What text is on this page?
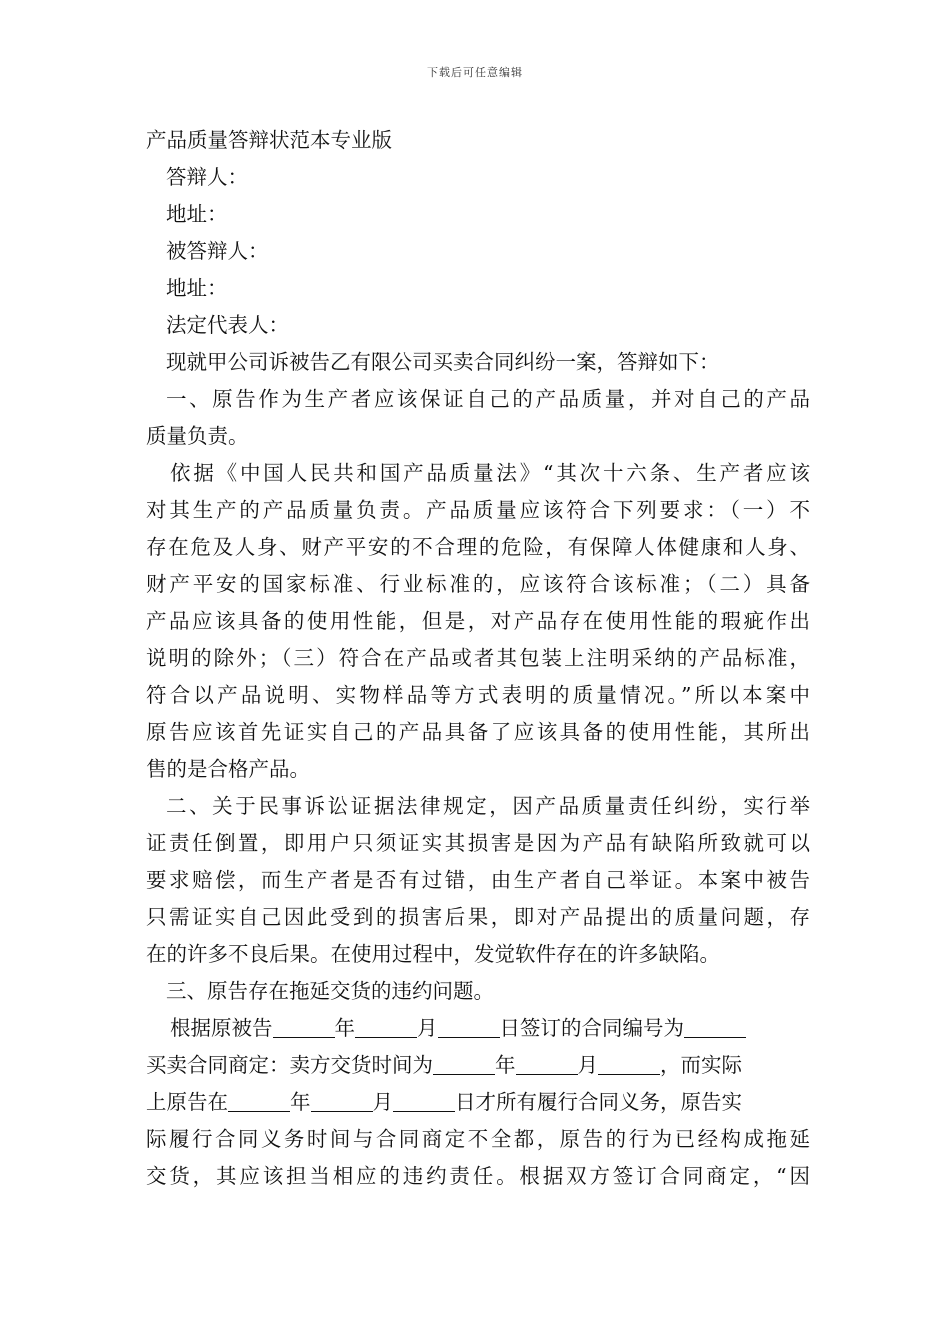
下载后可任意编辑
产品质量答辩状范本专业版
答辩人：
地址：
被答辩人：
地址：
法定代表人：
现就甲公司诉被告乙有限公司买卖合同纠纷一案，答辩如下：
一、原告作为生产者应该保证自己的产品质量，并对自己的产品
质量负责。
依据《中国人民共和国产品质量法》“其次十六条、生产者应该
对其生产的产品质量负责。产品质量应该符合下列要求：（一）不
存在危及人身、财产平安的不合理的危险，有保障人体健康和人身、
财产平安的国家标准、行业标准的，应该符合该标准；（二）具备
产品应该具备的使用性能，但是，对产品存在使用性能的瑕疵作出
说明的除外；（三）符合在产品或者其包装上注明采纳的产品标准，
符合以产品说明、实物样品等方式表明的质量情况。”所以本案中
原告应该首先证实自己的产品具备了应该具备的使用性能，其所出
售的是合格产品。
二、关于民事诉讼证据法律规定，因产品质量责任纠纷，实行举
证责任倒置，即用户只须证实其损害是因为产品有缺陷所致就可以
要求赔偿，而生产者是否有过错，由生产者自己举证。本案中被告
只需证实自己因此受到的损害后果，即对产品提出的质量问题，存
在的许多不良后果。在使用过程中，发觉软件存在的许多缺陷。
三、原告存在拖延交货的违约问题。
根据原被告	年	月	日签订的合同编号为
买卖合同商定：卖方交货时间为	年	月	，而实际
上原告在	年	月	日才所有履行合同义务，原告实
际履行合同义务时间与合同商定不全都，原告的行为已经构成拖延
交货，其应该担当相应的违约责任。根据双方签订合同商定，“因
